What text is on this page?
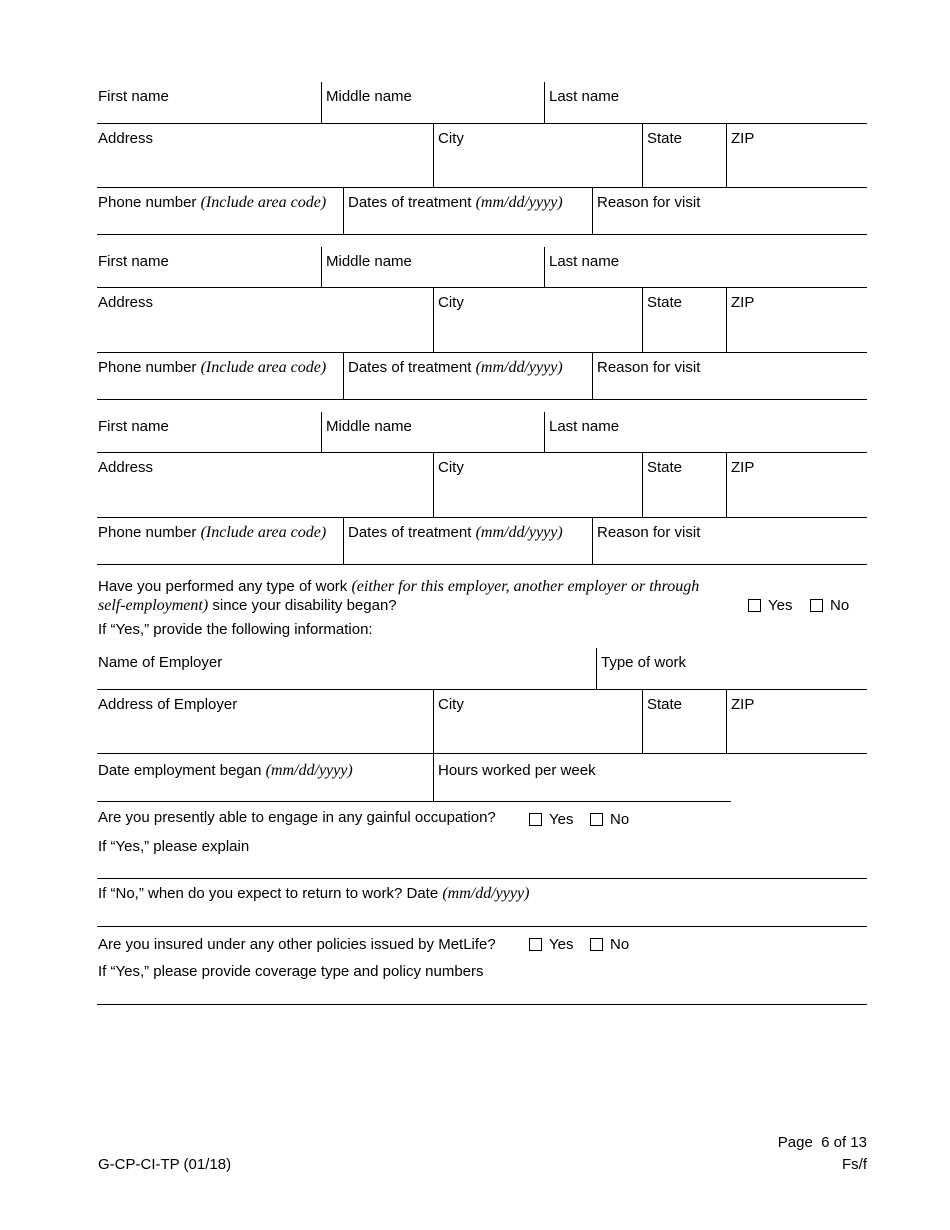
First name	Middle name	Last name
Address	City	State	ZIP
Phone number (Include area code)	Dates of treatment (mm/dd/yyyy)	Reason for visit
First name	Middle name	Last name
Address	City	State	ZIP
Phone number (Include area code)	Dates of treatment (mm/dd/yyyy)	Reason for visit
First name	Middle name	Last name
Address	City	State	ZIP
Phone number (Include area code)	Dates of treatment (mm/dd/yyyy)	Reason for visit
Have you performed any type of work (either for this employer, another employer or through
self-employment) since your disability began?	Yes	No
If “Yes,” provide the following information:
Name of Employer	Type of work
Address of Employer	City	State	ZIP
Date employment began (mm/dd/yyyy)	Hours worked per week
Are you presently able to engage in any gainful occupation?	Yes	No
If “Yes,” please explain
If “No,” when do you expect to return to work? Date (mm/dd/yyyy)
Are you insured under any other policies issued by MetLife?	Yes	No
If “Yes,” please provide coverage type and policy numbers
Page  6 of 13
G-CP-CI-TP (01/18)	Fs/f
